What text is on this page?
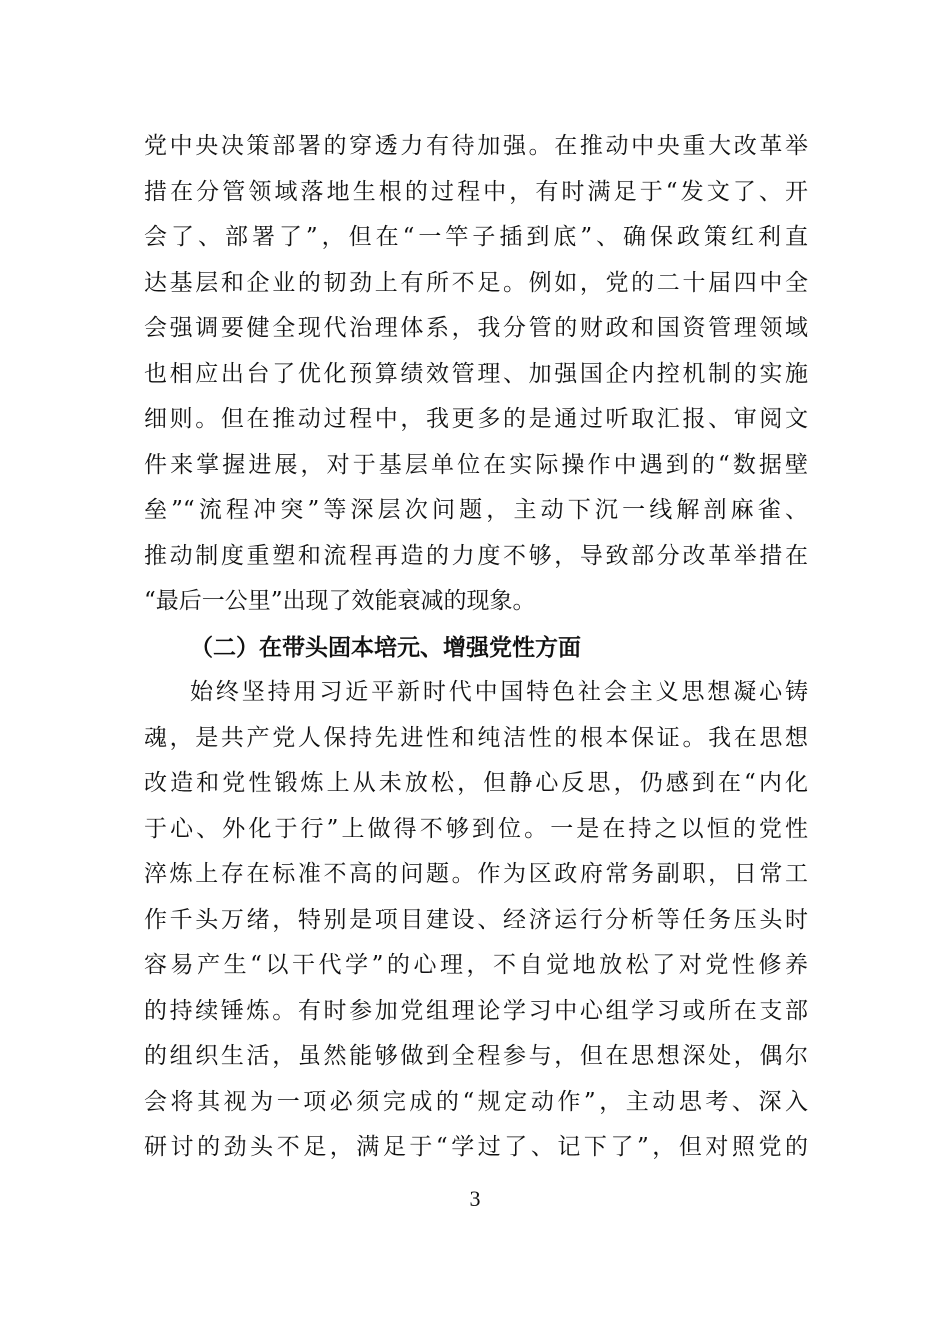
党中央决策部署的穿透力有待加强。在推动中央重大改革举
措在分管领域落地生根的过程中，有时满足于“发文了、开
会了、部署了”，但在“一竿子插到底”、确保政策红利直
达基层和企业的韧劲上有所不足。例如，党的二十届四中全
会强调要健全现代治理体系，我分管的财政和国资管理领域
也相应出台了优化预算绩效管理、加强国企内控机制的实施
细则。但在推动过程中，我更多的是通过听取汇报、审阅文
件来掌握进展，对于基层单位在实际操作中遇到的“数据壁
垒”“流程冲突”等深层次问题，主动下沉一线解剖麻雀、
推动制度重塑和流程再造的力度不够，导致部分改革举措在
“最后一公里”出现了效能衰减的现象。
（二）在带头固本培元、增强党性方面
始终坚持用习近平新时代中国特色社会主义思想凝心铸
魂，是共产党人保持先进性和纯洁性的根本保证。我在思想
改造和党性锻炼上从未放松，但静心反思，仍感到在“内化
于心、外化于行”上做得不够到位。一是在持之以恒的党性
淬炼上存在标准不高的问题。作为区政府常务副职，日常工
作千头万绪，特别是项目建设、经济运行分析等任务压头时
容易产生“以干代学”的心理，不自觉地放松了对党性修养
的持续锤炼。有时参加党组理论学习中心组学习或所在支部
的组织生活，虽然能够做到全程参与，但在思想深处，偶尔
会将其视为一项必须完成的“规定动作”，主动思考、深入
研讨的劲头不足，满足于“学过了、记下了”，但对照党的
3
